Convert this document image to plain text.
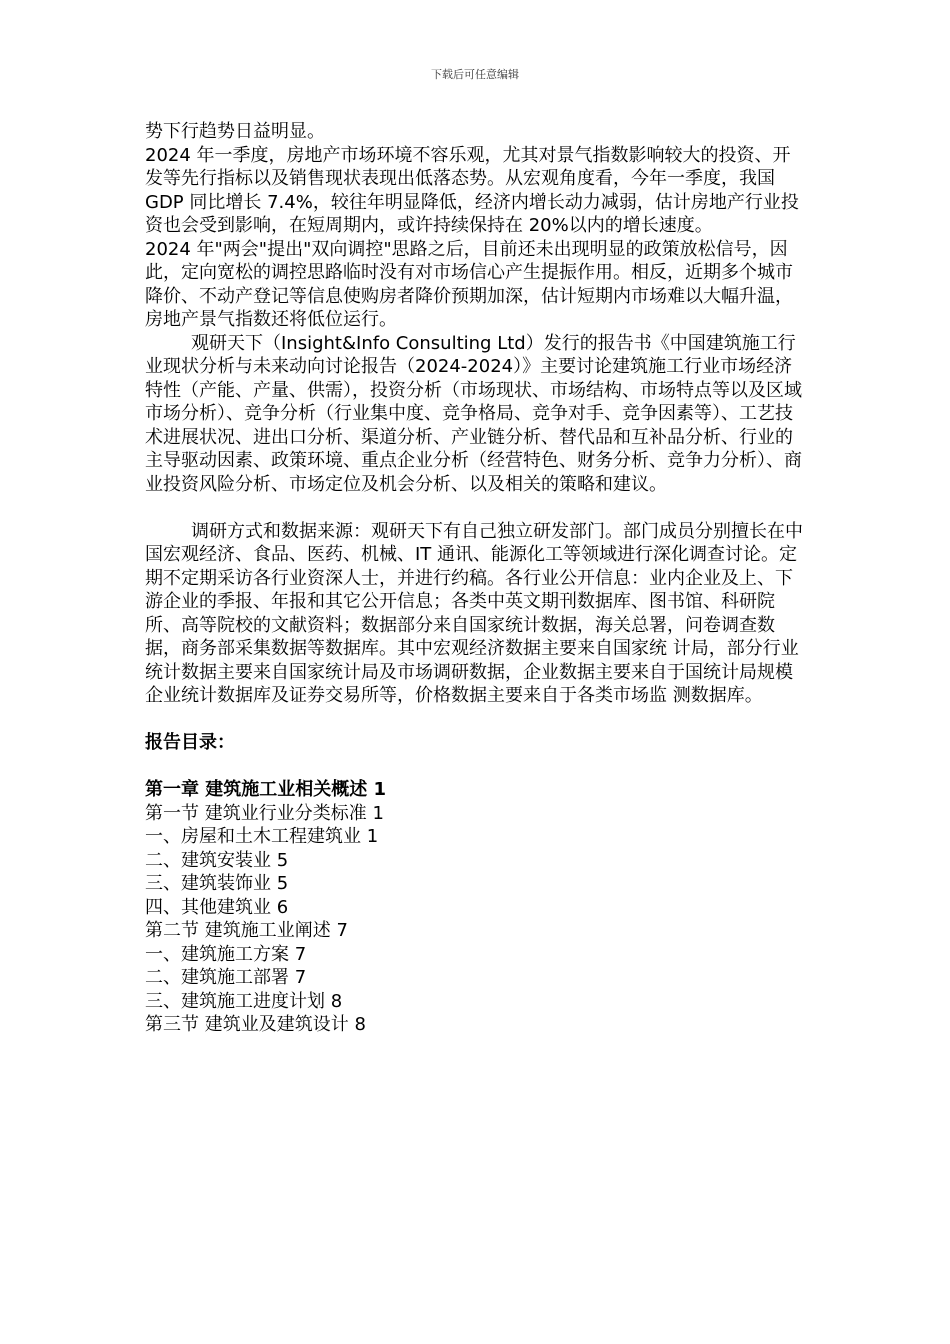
下载后可任意编辑

势下行趋势日益明显。

2024 年一季度，房地产市场环境不容乐观，尤其对景气指数影响较大的投资、开发等先行指标以及销售现状表现出低落态势。从宏观角度看，今年一季度，我国 GDP 同比增长 7.4%，较往年明显降低，经济内增长动力减弱，估计房地产行业投资也会受到影响，在短周期内，或许持续保持在 20%以内的增长速度。

2024 年"两会"提出"双向调控"思路之后，目前还未出现明显的政策放松信号，因此，定向宽松的调控思路临时没有对市场信心产生提振作用。相反，近期多个城市降价、不动产登记等信息使购房者降价预期加深，估计短期内市场难以大幅升温，房地产景气指数还将低位运行。

观研天下（Insight&Info Consulting Ltd）发行的报告书《中国建筑施工行业现状分析与未来动向讨论报告（2024-2024）》主要讨论建筑施工行业市场经济特性（产能、产量、供需），投资分析（市场现状、市场结构、市场特点等以及区域市场分析）、竞争分析（行业集中度、竞争格局、竞争对手、竞争因素等）、工艺技术进展状况、进出口分析、渠道分析、产业链分析、替代品和互补品分析、行业的主导驱动因素、政策环境、重点企业分析（经营特色、财务分析、竞争力分析）、商业投资风险分析、市场定位及机会分析、以及相关的策略和建议。

调研方式和数据来源：观研天下有自己独立研发部门。部门成员分别擅长在中国宏观经济、食品、医药、机械、IT 通讯、能源化工等领域进行深化调查讨论。定期不定期采访各行业资深人士，并进行约稿。各行业公开信息：业内企业及上、下游企业的季报、年报和其它公开信息；各类中英文期刊数据库、图书馆、科研院所、高等院校的文献资料；数据部分来自国家统计数据，海关总署，问卷调查数据，商务部采集数据等数据库。其中宏观经济数据主要来自国家统 计局，部分行业统计数据主要来自国家统计局及市场调研数据，企业数据主要来自于国统计局规模企业统计数据库及证券交易所等，价格数据主要来自于各类市场监 测数据库。

报告目录：

第一章 建筑施工业相关概述 1

第一节 建筑业行业分类标准 1

一、房屋和土木工程建筑业 1

二、建筑安装业 5

三、建筑装饰业 5

四、其他建筑业 6

第二节 建筑施工业阐述 7

一、建筑施工方案 7

二、建筑施工部署 7

三、建筑施工进度计划 8

第三节 建筑业及建筑设计 8
